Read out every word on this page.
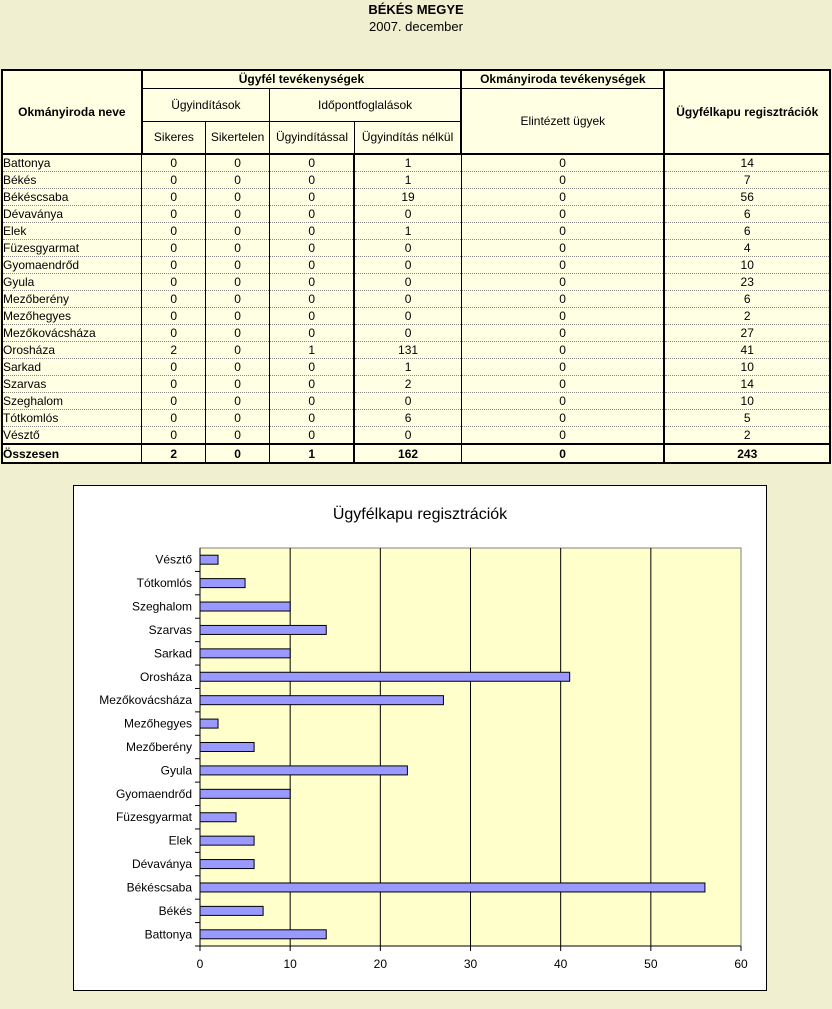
BÉKÉS MEGYE
2007. december
Okmányiroda neve	Ügyfél tevékenységek				Okmányiroda tevékenységek	Ügyfélkapu regisztrációk
	Ügyindítások		Időpontfoglalások		Elintézett ügyek	
	Sikeres	Sikertelen	Ügyindítással	Ügyindítás nélkül		
Battonya	0	0	0	1	0	14
Békés	0	0	0	1	0	7
Békéscsaba	0	0	0	19	0	56
Dévaványa	0	0	0	0	0	6
Elek	0	0	0	1	0	6
Füzesgyarmat	0	0	0	0	0	4
Gyomaendrőd	0	0	0	0	0	10
Gyula	0	0	0	0	0	23
Mezőberény	0	0	0	0	0	6
Mezőhegyes	0	0	0	0	0	2
Mezőkovácsháza	0	0	0	0	0	27
Orosháza	2	0	1	131	0	41
Sarkad	0	0	0	1	0	10
Szarvas	0	0	0	2	0	14
Szeghalom	0	0	0	0	0	10
Tótkomlós	0	0	0	6	0	5
Vésztő	0	0	0	0	0	2
Összesen	2	0	1	162	0	243
Ügyfélkapu regisztrációk
0	10	20	30	40	50	60
Battonya
Békés
Békéscsaba
Dévaványa
Elek
Füzesgyarmat
Gyomaendrőd
Gyula
Mezőberény
Mezőhegyes
Mezőkovácsháza
Orosháza
Sarkad
Szarvas
Szeghalom
Tótkomlós
Vésztő
